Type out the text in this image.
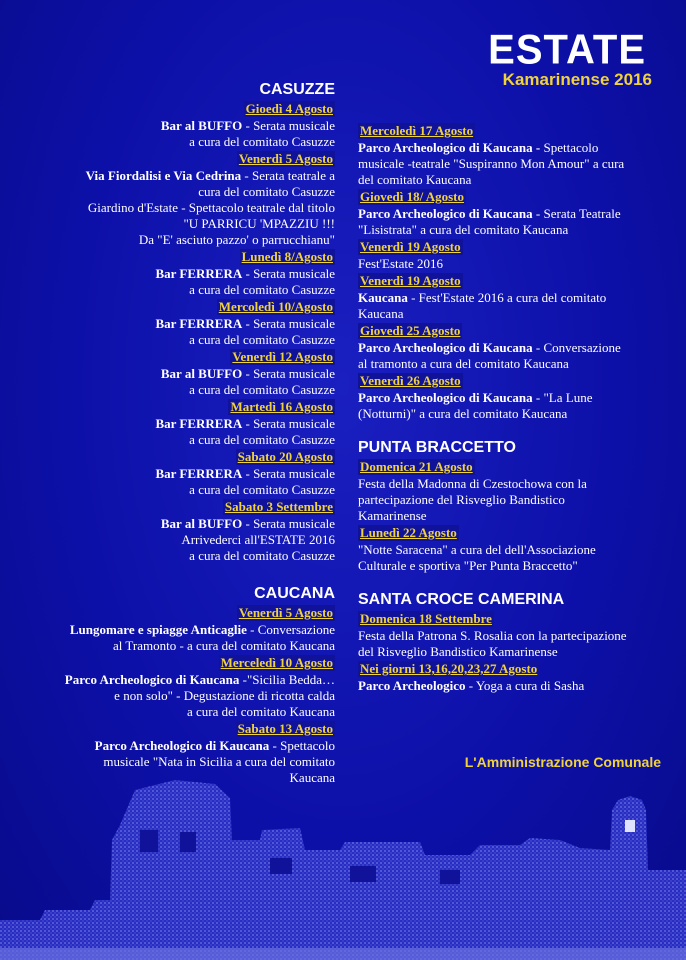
ESTATE
Kamarinense 2016
CASUZZE
Gioedì 4 Agosto
Bar al BUFFO - Serata musicale
a cura del comitato Casuzze
Venerdì 5 Agosto
Via Fiordalisi e Via Cedrina - Serata teatrale a
cura del comitato Casuzze
Giardino d'Estate - Spettacolo teatrale dal titolo
"U PARRICU 'MPAZZIU !!!
Da "E' asciuto pazzo' o parrucchianu"
Lunedì 8/Agosto
Bar FERRERA - Serata musicale
a cura del comitato Casuzze
Mercoledì 10/Agosto
Bar FERRERA - Serata musicale
a cura del comitato Casuzze
Venerdì 12 Agosto
Bar al BUFFO - Serata musicale
a cura del comitato Casuzze
Martedì 16 Agosto
Bar FERRERA - Serata musicale
a cura del comitato Casuzze
Sabato 20 Agosto
Bar FERRERA - Serata musicale
a cura del comitato Casuzze
Sabato 3 Settembre
Bar al BUFFO - Serata musicale
Arrivederci all'ESTATE 2016
a cura del comitato Casuzze
CAUCANA
Venerdì 5 Agosto
Lungomare e spiagge Anticaglie - Conversazione
al Tramonto - a cura del comitato Kaucana
Merceledì 10 Agosto
Parco Archeologico di Kaucana -"Sicilia Bedda…
e non solo" - Degustazione di ricotta calda
a cura del comitato Kaucana
Sabato 13 Agosto
Parco Archeologico di Kaucana - Spettacolo
musicale "Nata in Sicilia a cura del comitato
Kaucana
Mercoledì 17 Agosto
Parco Archeologico di Kaucana - Spettacolo
musicale -teatrale "Suspiranno Mon Amour" a cura
del comitato Kaucana
Giovedì 18/ Agosto
Parco Archeologico di Kaucana - Serata Teatrale
"Lisistrata" a cura del comitato Kaucana
Venerdì 19 Agosto
Fest'Estate 2016
Venerdì 19 Agosto
Kaucana - Fest'Estate 2016 a cura del comitato
Kaucana
Giovedì 25 Agosto
Parco Archeologico di Kaucana - Conversazione
al tramonto a cura del comitato Kaucana
Venerdì 26 Agosto
Parco Archeologico di Kaucana - "La Lune
(Notturni)" a cura del comitato Kaucana
PUNTA BRACCETTO
Domenica 21 Agosto
Festa della Madonna di Czestochowa con la
partecipazione del Risveglio Bandistico
Kamarinense
Lunedì 22 Agosto
"Notte Saracena" a cura del dell'Associazione
Culturale e sportiva "Per Punta Braccetto"
SANTA CROCE CAMERINA
Domenica 18 Settembre
Festa della Patrona S. Rosalia con la partecipazione
del Risveglio Bandistico Kamarinense
Nei giorni 13,16,20,23,27 Agosto
Parco Archeologico - Yoga a cura di Sasha
L'Amministrazione Comunale
